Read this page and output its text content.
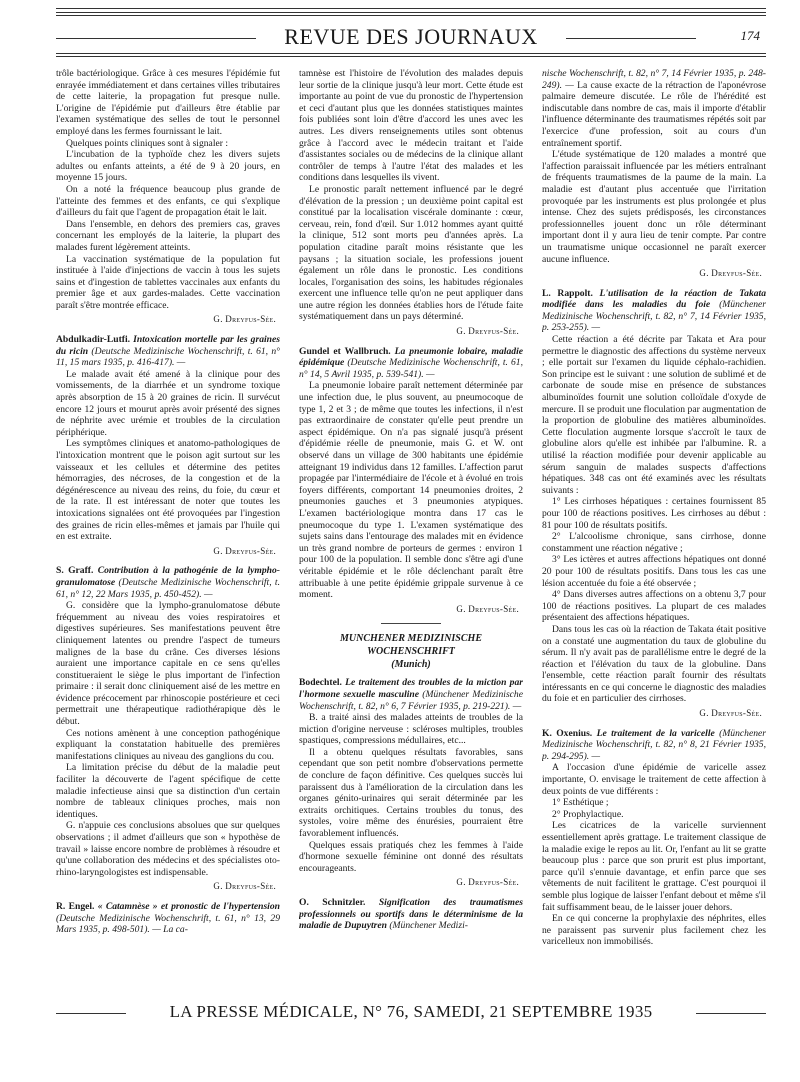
REVUE DES JOURNAUX	174

trôle bactériologique. Grâce à ces mesures l'épidémie fut enrayée immédiatement et dans certaines villes tributaires de cette laiterie, la propagation fut presque nulle. L'origine de l'épidémie put d'ailleurs être établie par l'examen systématique des selles de tout le personnel employé dans les fermes fournissant le lait.

Quelques points cliniques sont à signaler :

L'incubation de la typhoïde chez les divers sujets adultes ou enfants atteints, a été de 9 à 20 jours, en moyenne 15 jours.

On a noté la fréquence beaucoup plus grande de l'atteinte des femmes et des enfants, ce qui s'explique d'ailleurs du fait que l'agent de propagation était le lait.

Dans l'ensemble, en dehors des premiers cas, graves concernant les employés de la laiterie, la plupart des malades furent légèrement atteints.

La vaccination systématique de la population fut instituée à l'aide d'injections de vaccin à tous les sujets sains et d'ingestion de tablettes vaccinales aux enfants du premier âge et aux gardes-malades. Cette vaccination paraît s'être montrée efficace.

G. Dreyfus-Sée.

Abdulkadir-Lutfi. Intoxication mortelle par les graines du ricin (Deutsche Medizinische Wochenschrift, t. 61, n° 11, 15 mars 1935, p. 416-417). —

Le malade avait été amené à la clinique pour des vomissements, de la diarrhée et un syndrome toxique après absorption de 15 à 20 graines de ricin. Il survécut encore 12 jours et mourut après avoir présenté des signes de néphrite avec urémie et troubles de la circulation périphérique.

Les symptômes cliniques et anatomo-pathologiques de l'intoxication montrent que le poison agit surtout sur les vaisseaux et les cellules et détermine des petites hémorragies, des nécroses, de la congestion et de la dégénérescence au niveau des reins, du foie, du cœur et de la rate. Il est intéressant de noter que toutes les intoxications signalées ont été provoquées par l'ingestion des graines de ricin elles-mêmes et jamais par l'huile qui en est extraite.

G. Dreyfus-Sée.

S. Graff. Contribution à la pathogénie de la lympho-granulomatose (Deutsche Medizinische Wochenschrift, t. 61, n° 12, 22 Mars 1935, p. 450-452). —

G. considère que la lympho-granulomatose débute fréquemment au niveau des voies respiratoires et digestives supérieures. Ses manifestations peuvent être cliniquement latentes ou prendre l'aspect de tumeurs malignes de la base du crâne. Ces diverses lésions auraient une importance capitale en ce sens qu'elles constitueraient le siège le plus important de l'infection primaire : il serait donc cliniquement aisé de les mettre en évidence précocement par rhinoscopie postérieure et ceci permettrait une thérapeutique radiothérapique dès le début.

Ces notions amènent à une conception pathogénique expliquant la constatation habituelle des premières manifestations cliniques au niveau des ganglions du cou.

La limitation précise du début de la maladie peut faciliter la découverte de l'agent spécifique de cette maladie infectieuse ainsi que sa distinction d'un certain nombre de tableaux cliniques proches, mais non identiques.

G. n'appuie ces conclusions absolues que sur quelques observations ; il admet d'ailleurs que son « hypothèse de travail » laisse encore nombre de problèmes à résoudre et qu'une collaboration des médecins et des spécialistes oto-rhino-laryngologistes est indispensable.

G. Dreyfus-Sée.

R. Engel. « Catamnèse » et pronostic de l'hypertension (Deutsche Medizinische Wochenschrift, t. 61, n° 13, 29 Mars 1935, p. 498-501). — La ca-

tamnèse est l'histoire de l'évolution des malades depuis leur sortie de la clinique jusqu'à leur mort. Cette étude est importante au point de vue du pronostic de l'hypertension et ceci d'autant plus que les données statistiques maintes fois publiées sont loin d'être d'accord les unes avec les autres. Les divers renseignements utiles sont obtenus grâce à l'accord avec le médecin traitant et l'aide d'assistantes sociales ou de médecins de la clinique allant contrôler de temps à l'autre l'état des malades et les conditions dans lesquelles ils vivent.

Le pronostic paraît nettement influencé par le degré d'élévation de la pression ; un deuxième point capital est constitué par la localisation viscérale dominante : cœur, cerveau, rein, fond d'œil. Sur 1.012 hommes ayant quitté la clinique, 512 sont morts peu d'années après. La population citadine paraît moins résistante que les paysans ; la situation sociale, les professions jouent également un rôle dans le pronostic. Les conditions locales, l'organisation des soins, les habitudes régionales exercent une influence telle qu'on ne peut appliquer dans une autre région les données établies hors de l'étude faite systématiquement dans un pays déterminé.

G. Dreyfus-Sée.

Gundel et Wallbruch. La pneumonie lobaire, maladie épidémique (Deutsche Medizinische Wochenschrift, t. 61, n° 14, 5 Avril 1935, p. 539-541). —

La pneumonie lobaire paraît nettement déterminée par une infection due, le plus souvent, au pneumocoque de type 1, 2 et 3 ; de même que toutes les infections, il n'est pas extraordinaire de constater qu'elle peut prendre un aspect épidémique. On n'a pas signalé jusqu'à présent d'épidémie réelle de pneumonie, mais G. et W. ont observé dans un village de 300 habitants une épidémie atteignant 19 individus dans 12 familles. L'affection parut propagée par l'intermédiaire de l'école et à évolué en trois foyers différents, comportant 14 pneumonies droites, 2 pneumonies gauches et 3 pneumonies atypiques. L'examen bactériologique montra dans 17 cas le pneumocoque du type 1. L'examen systématique des sujets sains dans l'entourage des malades mit en évidence un très grand nombre de porteurs de germes : environ 1 pour 100 de la population. Il semble donc s'être agi d'une véritable épidémie et le rôle déclenchant paraît être attribuable à une petite épidémie grippale survenue à ce moment.

G. Dreyfus-Sée.
MUNCHENER MEDIZINISCHE WOCHENSCHRIFT
(Munich)

Bodechtel. Le traitement des troubles de la miction par l'hormone sexuelle masculine (Münchener Medizinische Wochenschrift, t. 82, n° 6, 7 Février 1935, p. 219-221). —

B. a traité ainsi des malades atteints de troubles de la miction d'origine nerveuse : scléroses multiples, troubles spastiques, compressions médullaires, etc...

Il a obtenu quelques résultats favorables, sans cependant que son petit nombre d'observations permette de conclure de façon définitive. Ces quelques succès lui paraissent dus à l'amélioration de la circulation dans les organes génito-urinaires qui serait déterminée par les extraits orchitiques. Certains troubles du tonus, des systoles, voire même des énurésies, pourraient être favorablement influencés.

Quelques essais pratiqués chez les femmes à l'aide d'hormone sexuelle féminine ont donné des résultats encourageants.

G. Dreyfus-Sée.

O. Schnitzler. Signification des traumatismes professionnels ou sportifs dans le déterminisme de la maladie de Dupuytren (Münchener Medizi-

nische Wochenschrift, t. 82, n° 7, 14 Février 1935, p. 248-249). — La cause exacte de la rétraction de l'aponévrose palmaire demeure discutée. Le rôle de l'hérédité est indiscutable dans nombre de cas, mais il importe d'établir l'influence déterminante des traumatismes répétés soit par l'exercice d'une profession, soit au cours d'un entraînement sportif.

L'étude systématique de 120 malades a montré que l'affection paraissait influencée par les métiers entraînant de fréquents traumatismes de la paume de la main. La maladie est d'autant plus accentuée que l'irritation provoquée par les instruments est plus prolongée et plus intense. Chez des sujets prédisposés, les circonstances professionnelles jouent donc un rôle déterminant important dont il y aura lieu de tenir compte. Par contre un traumatisme unique occasionnel ne paraît exercer aucune influence.

G. Dreyfus-Sée.

L. Rappolt. L'utilisation de la réaction de Takata modifiée dans les maladies du foie (Münchener Medizinische Wochenschrift, t. 82, n° 7, 14 Février 1935, p. 253-255). —

Cette réaction a été décrite par Takata et Ara pour permettre le diagnostic des affections du système nerveux ; elle portait sur l'examen du liquide céphalo-rachidien. Son principe est le suivant : une solution de sublimé et de carbonate de soude mise en présence de substances albuminoïdes fournit une solution colloïdale d'oxyde de mercure. Il se produit une floculation par augmentation de la proportion de globuline des matières albuminoïdes. Cette floculation augmente lorsque s'accroît le taux de globuline alors qu'elle est inhibée par l'albumine. R. a utilisé la réaction modifiée pour devenir applicable au sérum sanguin de malades suspects d'affections hépatiques. 348 cas ont été examinés avec les résultats suivants :

1° Les cirrhoses hépatiques : certaines fournissent 85 pour 100 de réactions positives. Les cirrhoses au début : 81 pour 100 de résultats positifs.

2° L'alcoolisme chronique, sans cirrhose, donne constamment une réaction négative ;

3° Les ictères et autres affections hépatiques ont donné 20 pour 100 de résultats positifs. Dans tous les cas une lésion accentuée du foie a été observée ;

4° Dans diverses autres affections on a obtenu 3,7 pour 100 de réactions positives. La plupart de ces malades présentaient des affections hépatiques.

Dans tous les cas où la réaction de Takata était positive on a constaté une augmentation du taux de globuline du sérum. Il n'y avait pas de parallélisme entre le degré de la réaction et l'élévation du taux de la globuline. Dans l'ensemble, cette réaction paraît fournir des résultats intéressants en ce qui concerne le diagnostic des maladies du foie et en particulier des cirrhoses.

G. Dreyfus-Sée.

K. Oxenius. Le traitement de la varicelle (Münchener Medizinische Wochenschrift, t. 82, n° 8, 21 Février 1935, p. 294-295). —

A l'occasion d'une épidémie de varicelle assez importante, O. envisage le traitement de cette affection à deux points de vue différents :

1° Esthétique ;

2° Prophylactique.

Les cicatrices de la varicelle surviennent essentiellement après grattage. Le traitement classique de la maladie exige le repos au lit. Or, l'enfant au lit se gratte beaucoup plus : parce que son prurit est plus important, parce qu'il s'ennuie davantage, et enfin parce que ses vêtements de nuit facilitent le grattage. C'est pourquoi il semble plus logique de laisser l'enfant debout et même s'il fait suffisamment beau, de le laisser jouer dehors.

En ce qui concerne la prophylaxie des néphrites, elles ne paraissent pas survenir plus facilement chez les varicelleux non immobilisés.

LA PRESSE MÉDICALE, N° 76, SAMEDI, 21 SEPTEMBRE 1935
